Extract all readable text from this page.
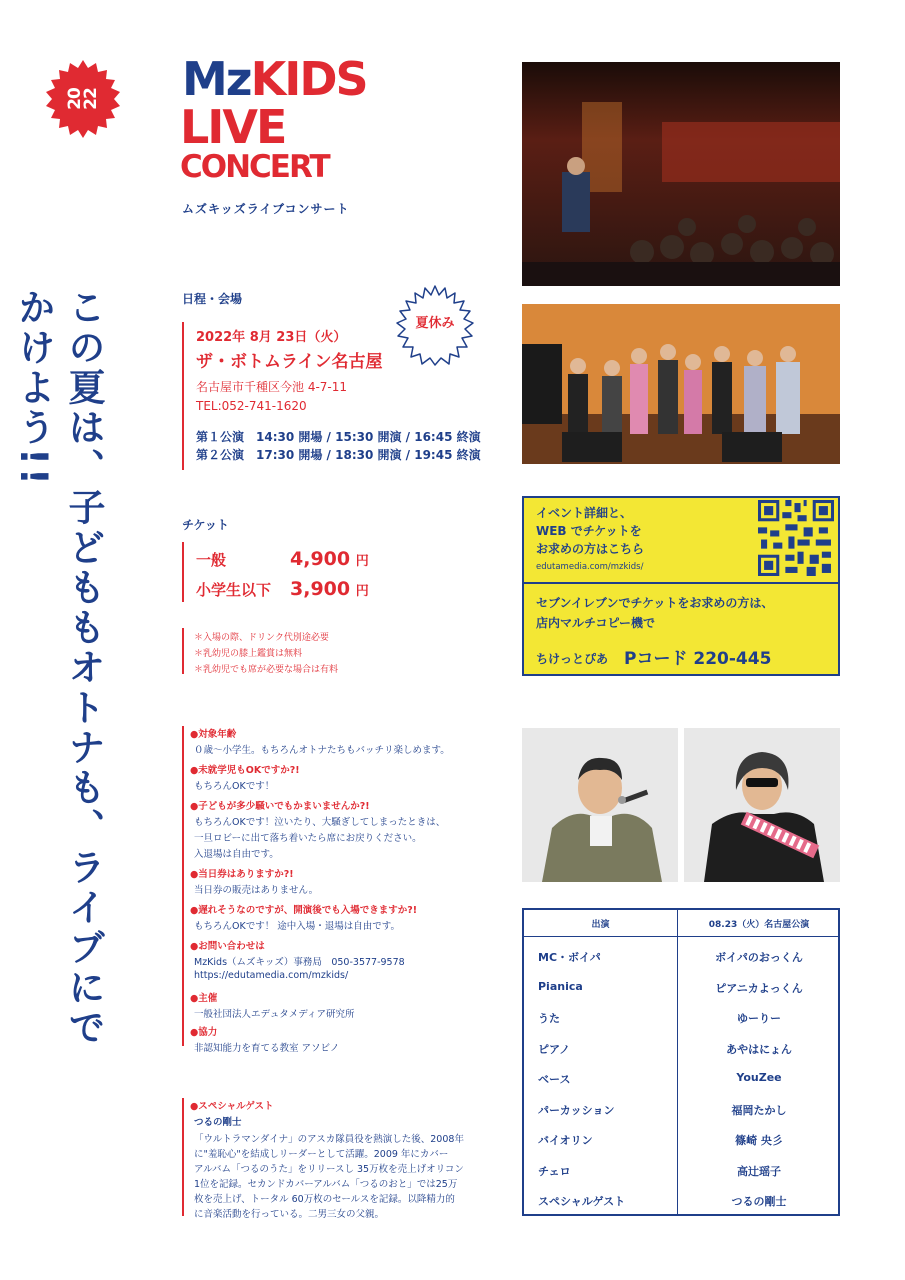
20
22 MzKIDS
LIVE
CONCERT
ムズキッズライブコンサート
この夏は、子どももオトナも、ライブにでかけよう!!	日程・会場
2022年 8月 23日（火）
ザ・ボトムライン名古屋
名古屋市千種区今池 4-7-11
TEL:052-741-1620
第１公演　14:30 開場 / 15:30 開演 / 16:45 終演
第２公演　17:30 開場 / 18:30 開演 / 19:45 終演
夏休み
チケット
一般	4,900 円
小学生以下 3,900 円
＊入場の際、ドリンク代別途必要
＊乳幼児の膝上鑑賞は無料
＊乳幼児でも席が必要な場合は有料
イベント詳細と、
WEB でチケットを
お求めの方はこちら
edutamedia.com/mzkids/
セブンイレブンでチケットをお求めの方は、
店内マルチコピー機で
ちけっとぴあ Pコード 220-445
●対象年齢
０歳～小学生。もちろんオトナたちもバッチリ楽しめます。
●未就学児もOKですか?!
もちろんOKです！
●子どもが多少騒いでもかまいませんか?!
もちろんOKです！泣いたり、大騒ぎしてしまったときは、
一旦ロビーに出て落ち着いたら席にお戻りください。
入退場は自由です。
●当日券はありますか?!
当日券の販売はありません。
●遅れそうなのですが、開演後でも入場できますか?!
もちろんOKです！ 途中入場・退場は自由です。
●お問い合わせは
MzKids（ムズキッズ）事務局　050-3577-9578
https://edutamedia.com/mzkids/
●主催
一般社団法人エデュタメディア研究所
●協力
非認知能力を育てる教室 アソビノ
●スペシャルゲスト
つるの剛士
「ウルトラマンダイナ」のアスカ隊員役を熱演した後、2008年
に"羞恥心"を結成しリーダーとして活躍。2009 年にカバー
アルバム「つるのうた」をリリースし 35万枚を売上げオリコン
1位を記録。セカンドカバーアルバム「つるのおと」では25万
枚を売上げ、トータル 60万枚のセールスを記録。以降精力的
に音楽活動を行っている。二男三女の父親。
出演	08.23（火）名古屋公演
MC・ボイパ	ボイパのおっくん
Pianica	ピアニカよっくん
うた	ゆーりー
ピアノ	あやはにょん
ベース	YouZee
パーカッション	福岡たかし
バイオリン	篠崎 央彡
チェロ	高辻瑶子
スペシャルゲスト	つるの剛士
